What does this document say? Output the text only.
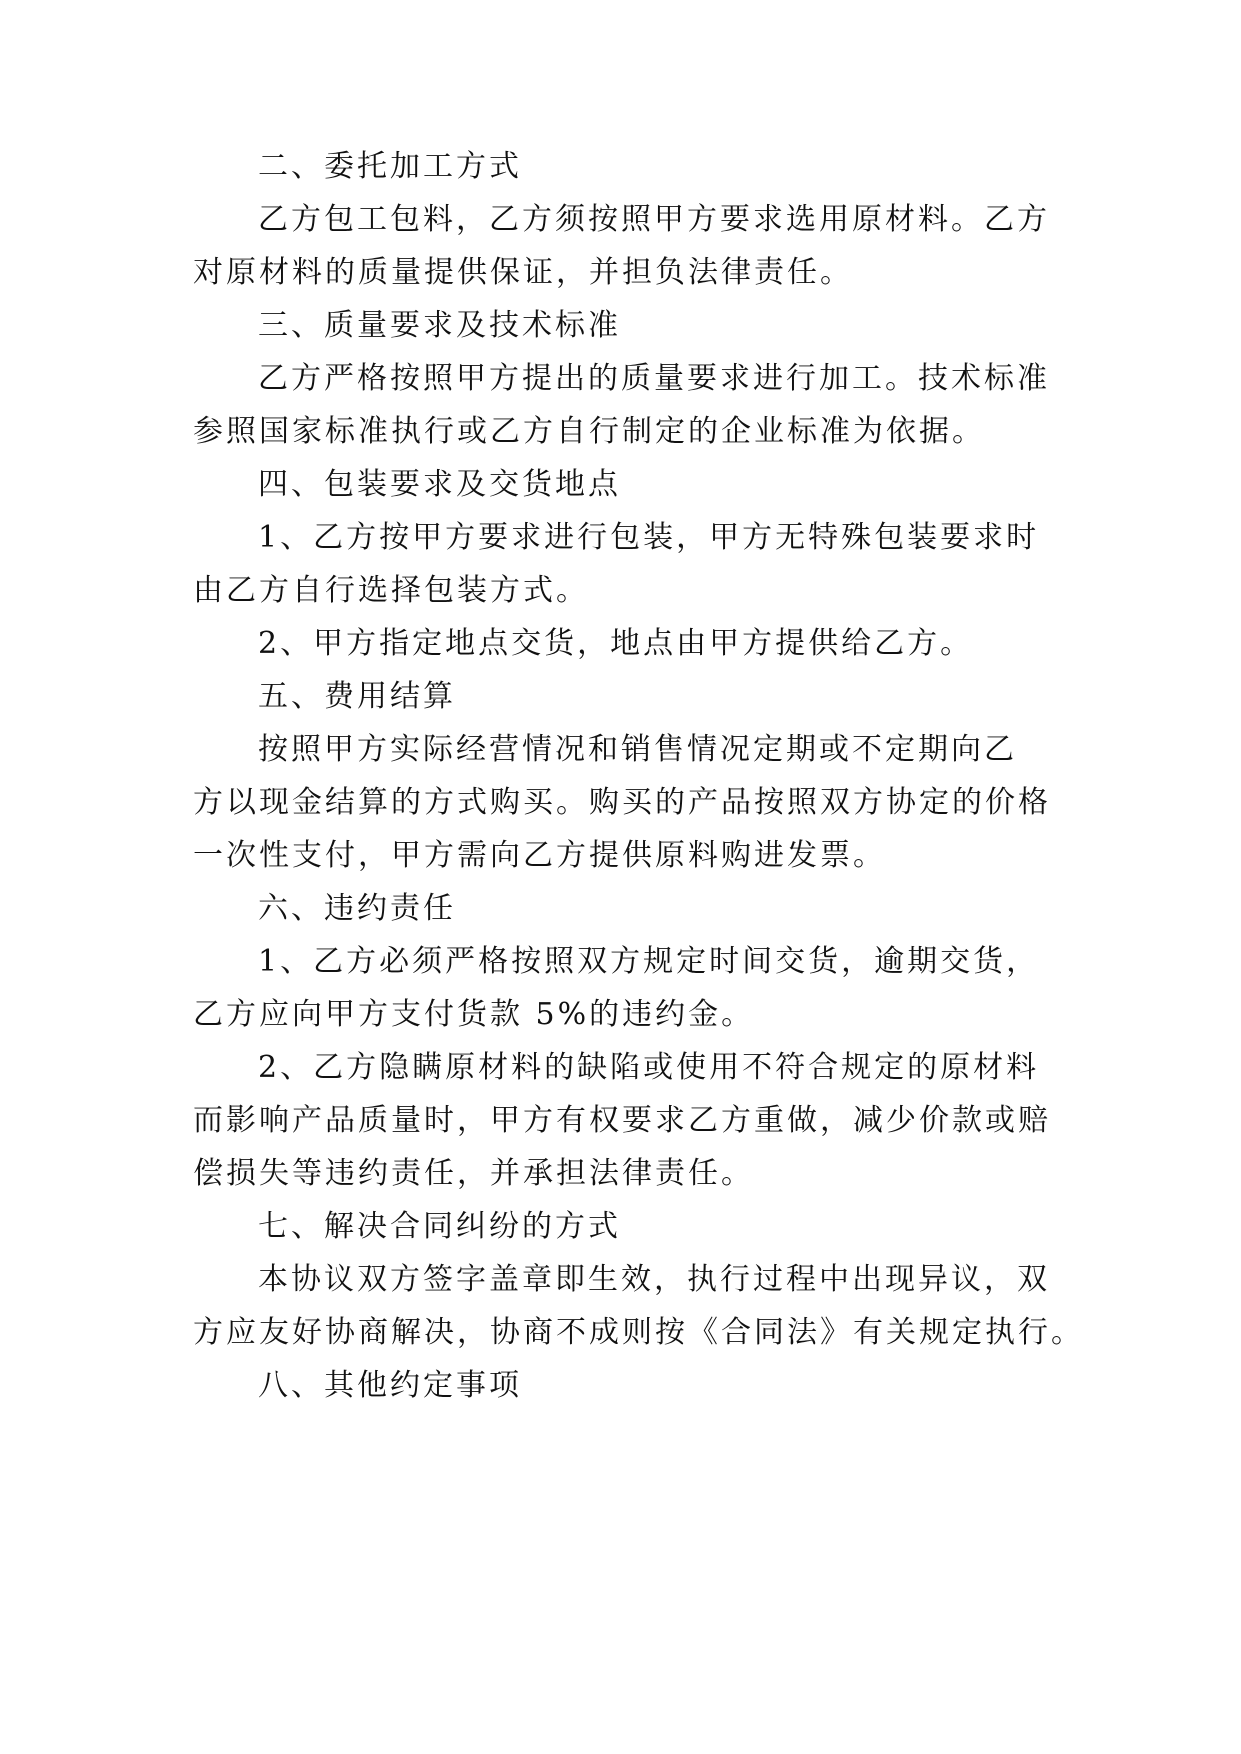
二、委托加工方式
乙方包工包料，乙方须按照甲方要求选用原材料。乙方
对原材料的质量提供保证，并担负法律责任。
三、质量要求及技术标准
乙方严格按照甲方提出的质量要求进行加工。技术标准
参照国家标准执行或乙方自行制定的企业标准为依据。
四、包装要求及交货地点
1、乙方按甲方要求进行包装，甲方无特殊包装要求时
由乙方自行选择包装方式。
2、甲方指定地点交货，地点由甲方提供给乙方。
五、费用结算
按照甲方实际经营情况和销售情况定期或不定期向乙
方以现金结算的方式购买。购买的产品按照双方协定的价格
一次性支付，甲方需向乙方提供原料购进发票。
六、违约责任
1、乙方必须严格按照双方规定时间交货，逾期交货，
乙方应向甲方支付货款 5%的违约金。
2、乙方隐瞒原材料的缺陷或使用不符合规定的原材料
而影响产品质量时，甲方有权要求乙方重做，减少价款或赔
偿损失等违约责任，并承担法律责任。
七、解决合同纠纷的方式
本协议双方签字盖章即生效，执行过程中出现异议，双
方应友好协商解决，协商不成则按《合同法》有关规定执行。
八、其他约定事项
